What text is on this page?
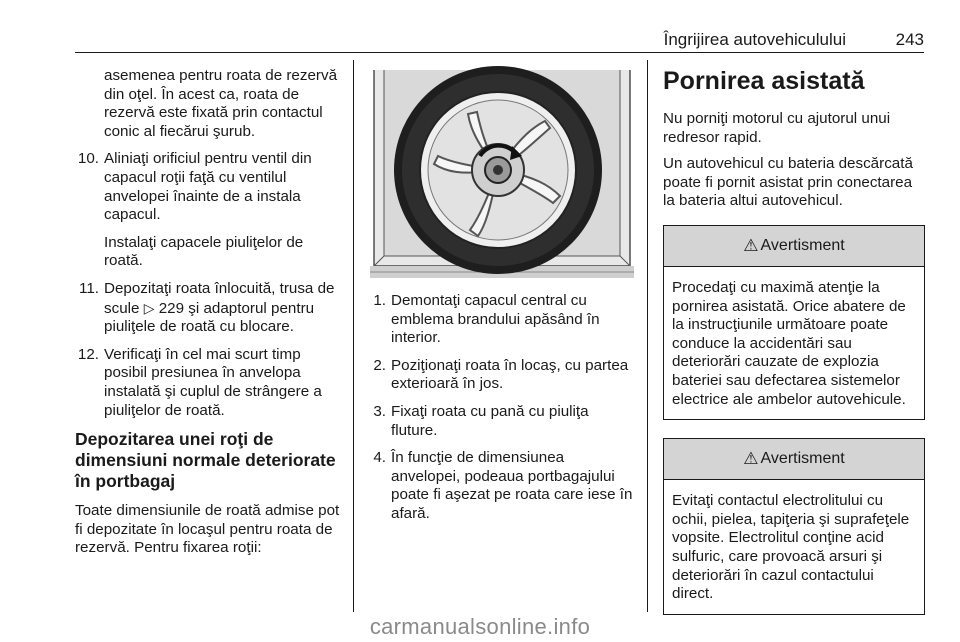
Îngrijirea autovehiculului	243
asemenea pentru roata de rezervă din oţel. În acest ca, roata de rezervă este fixată prin contactul conic al fiecărui şurub.
10. Aliniaţi orificiul pentru ventil din capacul roţii faţă cu ventilul anvelopei înainte de a instala capacul.
Instalaţi capacele piuliţelor de roată.
11. Depozitaţi roata înlocuită, trusa de scule ▷ 229 şi adaptorul pentru piuliţele de roată cu blocare.
12. Verificaţi în cel mai scurt timp posibil presiunea în anvelopa instalată şi cuplul de strângere a piuliţelor de roată.
Depozitarea unei roţi de dimensiuni normale deteriorate în portbagaj

Toate dimensiunile de roată admise pot fi depozitate în locaşul pentru roata de rezervă. Pentru fixarea roţii:

1. Demontaţi capacul central cu emblema brandului apăsând în interior.
2. Poziţionaţi roata în locaş, cu partea exterioară în jos.
3. Fixaţi roata cu pană cu piuliţa fluture.
4. În funcţie de dimensiunea anvelopei, podeaua portbagajului poate fi aşezat pe roata care iese în afară.
Pornirea asistată

Nu porniţi motorul cu ajutorul unui redresor rapid.

Un autovehicul cu bateria descărcată poate fi pornit asistat prin conectarea la bateria altui autovehicul.

⚠ Avertisment
Procedaţi cu maximă atenţie la pornirea asistată. Orice abatere de la instrucţiunile următoare poate conduce la accidentări sau deteriorări cauzate de explozia bateriei sau defectarea sistemelor electrice ale ambelor autovehicule.
⚠ Avertisment
Evitaţi contactul electrolitului cu ochii, pielea, tapiţeria şi suprafeţele vopsite. Electrolitul conţine acid sulfuric, care provoacă arsuri şi deteriorări în cazul contactului direct.
carmanualsonline.info
